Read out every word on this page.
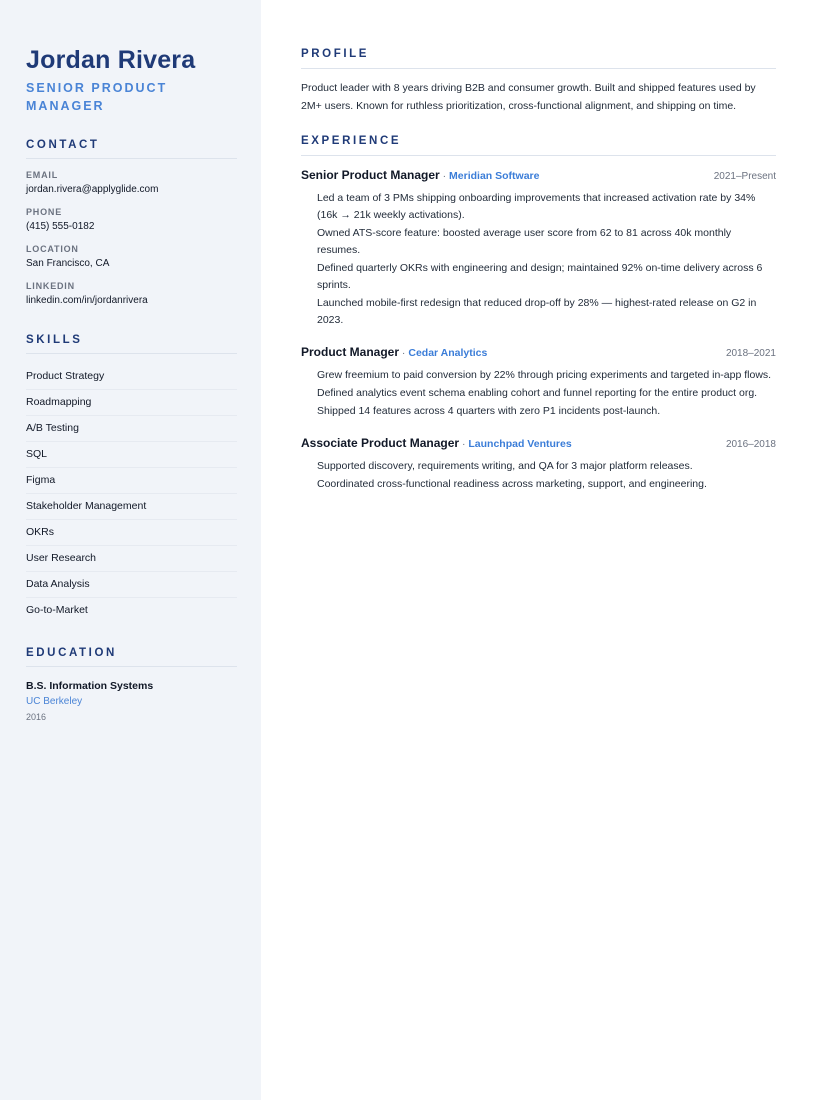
Jordan Rivera
SENIOR PRODUCT MANAGER
CONTACT
EMAIL
jordan.rivera@applyglide.com
PHONE
(415) 555-0182
LOCATION
San Francisco, CA
LINKEDIN
linkedin.com/in/jordanrivera
SKILLS
Product Strategy
Roadmapping
A/B Testing
SQL
Figma
Stakeholder Management
OKRs
User Research
Data Analysis
Go-to-Market
EDUCATION
B.S. Information Systems
UC Berkeley
2016
PROFILE

Product leader with 8 years driving B2B and consumer growth. Built and shipped features used by 2M+ users. Known for ruthless prioritization, cross-functional alignment, and shipping on time.

EXPERIENCE
Senior Product Manager · Meridian Software	2021–Present
Led a team of 3 PMs shipping onboarding improvements that increased activation rate by 34% (16k → 21k weekly activations).
Owned ATS-score feature: boosted average user score from 62 to 81 across 40k monthly resumes.
Defined quarterly OKRs with engineering and design; maintained 92% on-time delivery across 6 sprints.
Launched mobile-first redesign that reduced drop-off by 28% — highest-rated release on G2 in 2023.
Product Manager · Cedar Analytics	2018–2021
Grew freemium to paid conversion by 22% through pricing experiments and targeted in-app flows.
Defined analytics event schema enabling cohort and funnel reporting for the entire product org.
Shipped 14 features across 4 quarters with zero P1 incidents post-launch.
Associate Product Manager · Launchpad Ventures	2016–2018
Supported discovery, requirements writing, and QA for 3 major platform releases.
Coordinated cross-functional readiness across marketing, support, and engineering.
